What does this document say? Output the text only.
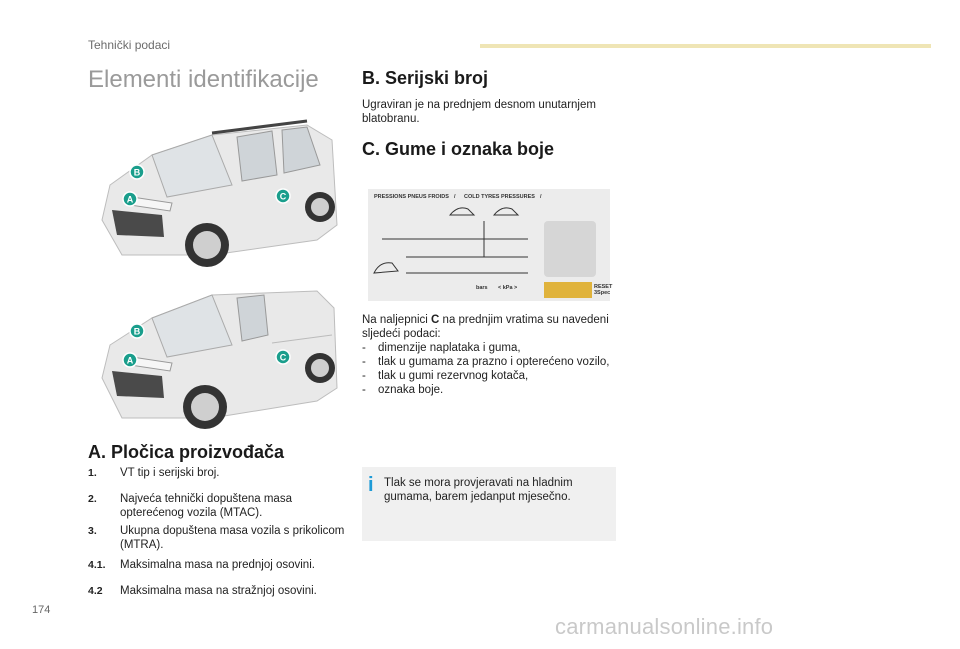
Tehnički podaci
Elementi identifikacije
B
A	C
B
A	C
A. Pločica proizvođača
1.	VT tip i serijski broj.
2.	Najveća tehnički dopuštena masa opterećenog vozila (MTAC).
3.	Ukupna dopuštena masa vozila s prikolicom (MTRA).
4.1.	Maksimalna masa na prednjoj osovini.
4.2	Maksimalna masa na stražnjoj osovini.
B. Serijski broj
Ugraviran je na prednjem desnom unutarnjem blatobranu.
C. Gume i oznaka boje
PRESSIONS PNEUS FROIDS / COLD TYRES PRESSURES /
bars < kPa >	RESET
3Spec
Na naljepnici C na prednjim vratima su navedeni sljedeći podaci:
-	dimenzije naplataka i guma,
-	tlak u gumama za prazno i opterećeno vozilo,
-	tlak u gumi rezervnog kotača,
-	oznaka boje.
i Tlak se mora provjeravati na hladnim gumama, barem jedanput mjesečno.
174
carmanualsonline.info
